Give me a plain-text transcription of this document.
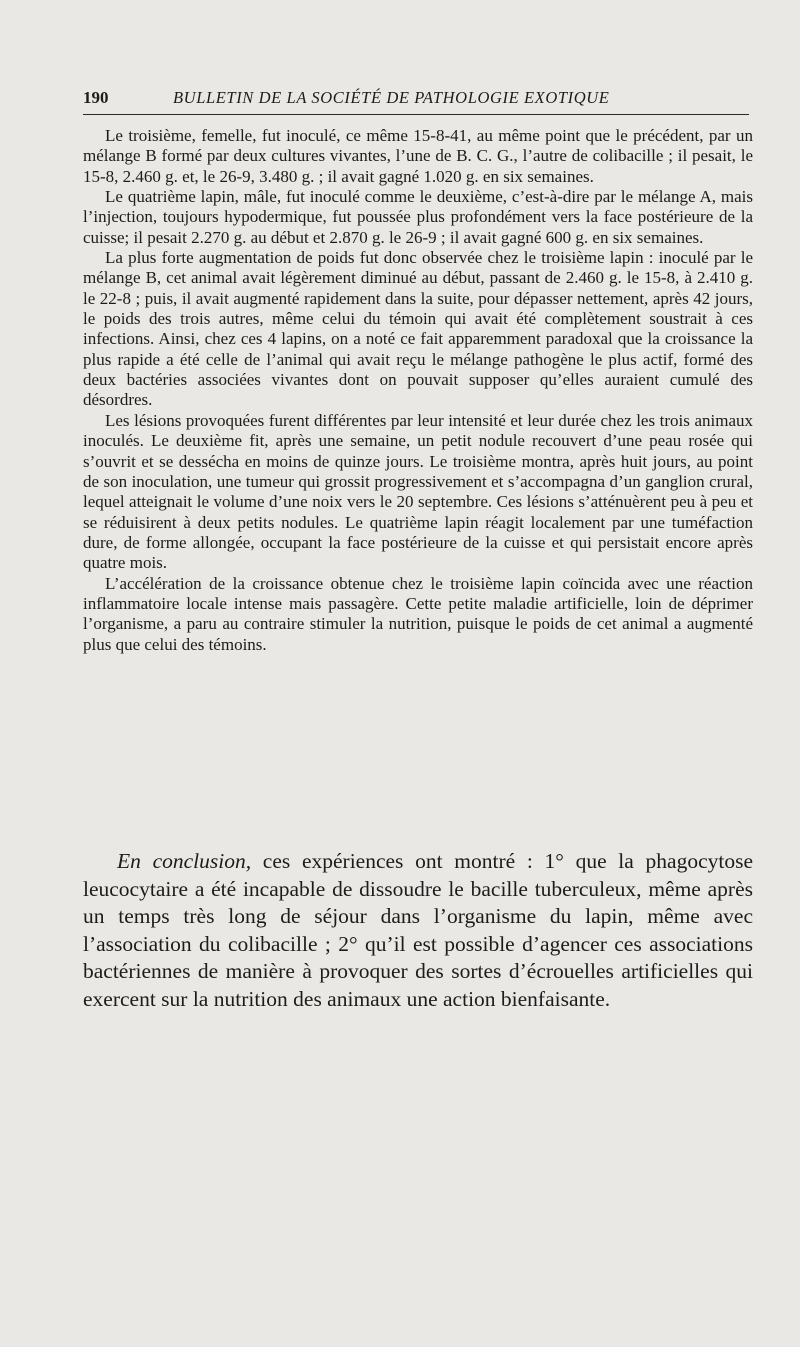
190	BULLETIN DE LA SOCIÉTÉ DE PATHOLOGIE EXOTIQUE

Le troisième, femelle, fut inoculé, ce même 15-8-41, au même point que le précédent, par un mélange B formé par deux cultures vivantes, l’une de B. C. G., l’autre de colibacille ; il pesait, le 15-8, 2.460 g. et, le 26-9, 3.480 g. ; il avait gagné 1.020 g. en six semaines.

Le quatrième lapin, mâle, fut inoculé comme le deuxième, c’est-à-dire par le mélange A, mais l’injection, toujours hypodermique, fut poussée plus profondément vers la face postérieure de la cuisse; il pesait 2.270 g. au début et 2.870 g. le 26-9 ; il avait gagné 600 g. en six semaines.

La plus forte augmentation de poids fut donc observée chez le troisième lapin : inoculé par le mélange B, cet animal avait légèrement diminué au début, passant de 2.460 g. le 15-8, à 2.410 g. le 22-8 ; puis, il avait augmenté rapidement dans la suite, pour dépasser nettement, après 42 jours, le poids des trois autres, même celui du témoin qui avait été complètement soustrait à ces infections. Ainsi, chez ces 4 lapins, on a noté ce fait apparemment paradoxal que la croissance la plus rapide a été celle de l’animal qui avait reçu le mélange pathogène le plus actif, formé des deux bactéries associées vivantes dont on pouvait supposer qu’elles auraient cumulé des désordres.

Les lésions provoquées furent différentes par leur intensité et leur durée chez les trois animaux inoculés. Le deuxième fit, après une semaine, un petit nodule recouvert d’une peau rosée qui s’ouvrit et se dessécha en moins de quinze jours. Le troisième montra, après huit jours, au point de son inoculation, une tumeur qui grossit progressivement et s’accompagna d’un ganglion crural, lequel atteignait le volume d’une noix vers le 20 septembre. Ces lésions s’atténuèrent peu à peu et se réduisirent à deux petits nodules. Le quatrième lapin réagit localement par une tuméfaction dure, de forme allongée, occupant la face postérieure de la cuisse et qui persistait encore après quatre mois.

L’accélération de la croissance obtenue chez le troisième lapin coïncida avec une réaction inflammatoire locale intense mais passagère. Cette petite maladie artificielle, loin de déprimer l’organisme, a paru au contraire stimuler la nutrition, puisque le poids de cet animal a augmenté plus que celui des témoins.

En conclusion, ces expériences ont montré : 1° que la phagocytose leucocytaire a été incapable de dissoudre le bacille tuberculeux, même après un temps très long de séjour dans l’organisme du lapin, même avec l’association du colibacille ; 2° qu’il est possible d’agencer ces associations bactériennes de manière à provoquer des sortes d’écrouelles artificielles qui exercent sur la nutrition des animaux une action bienfaisante.
